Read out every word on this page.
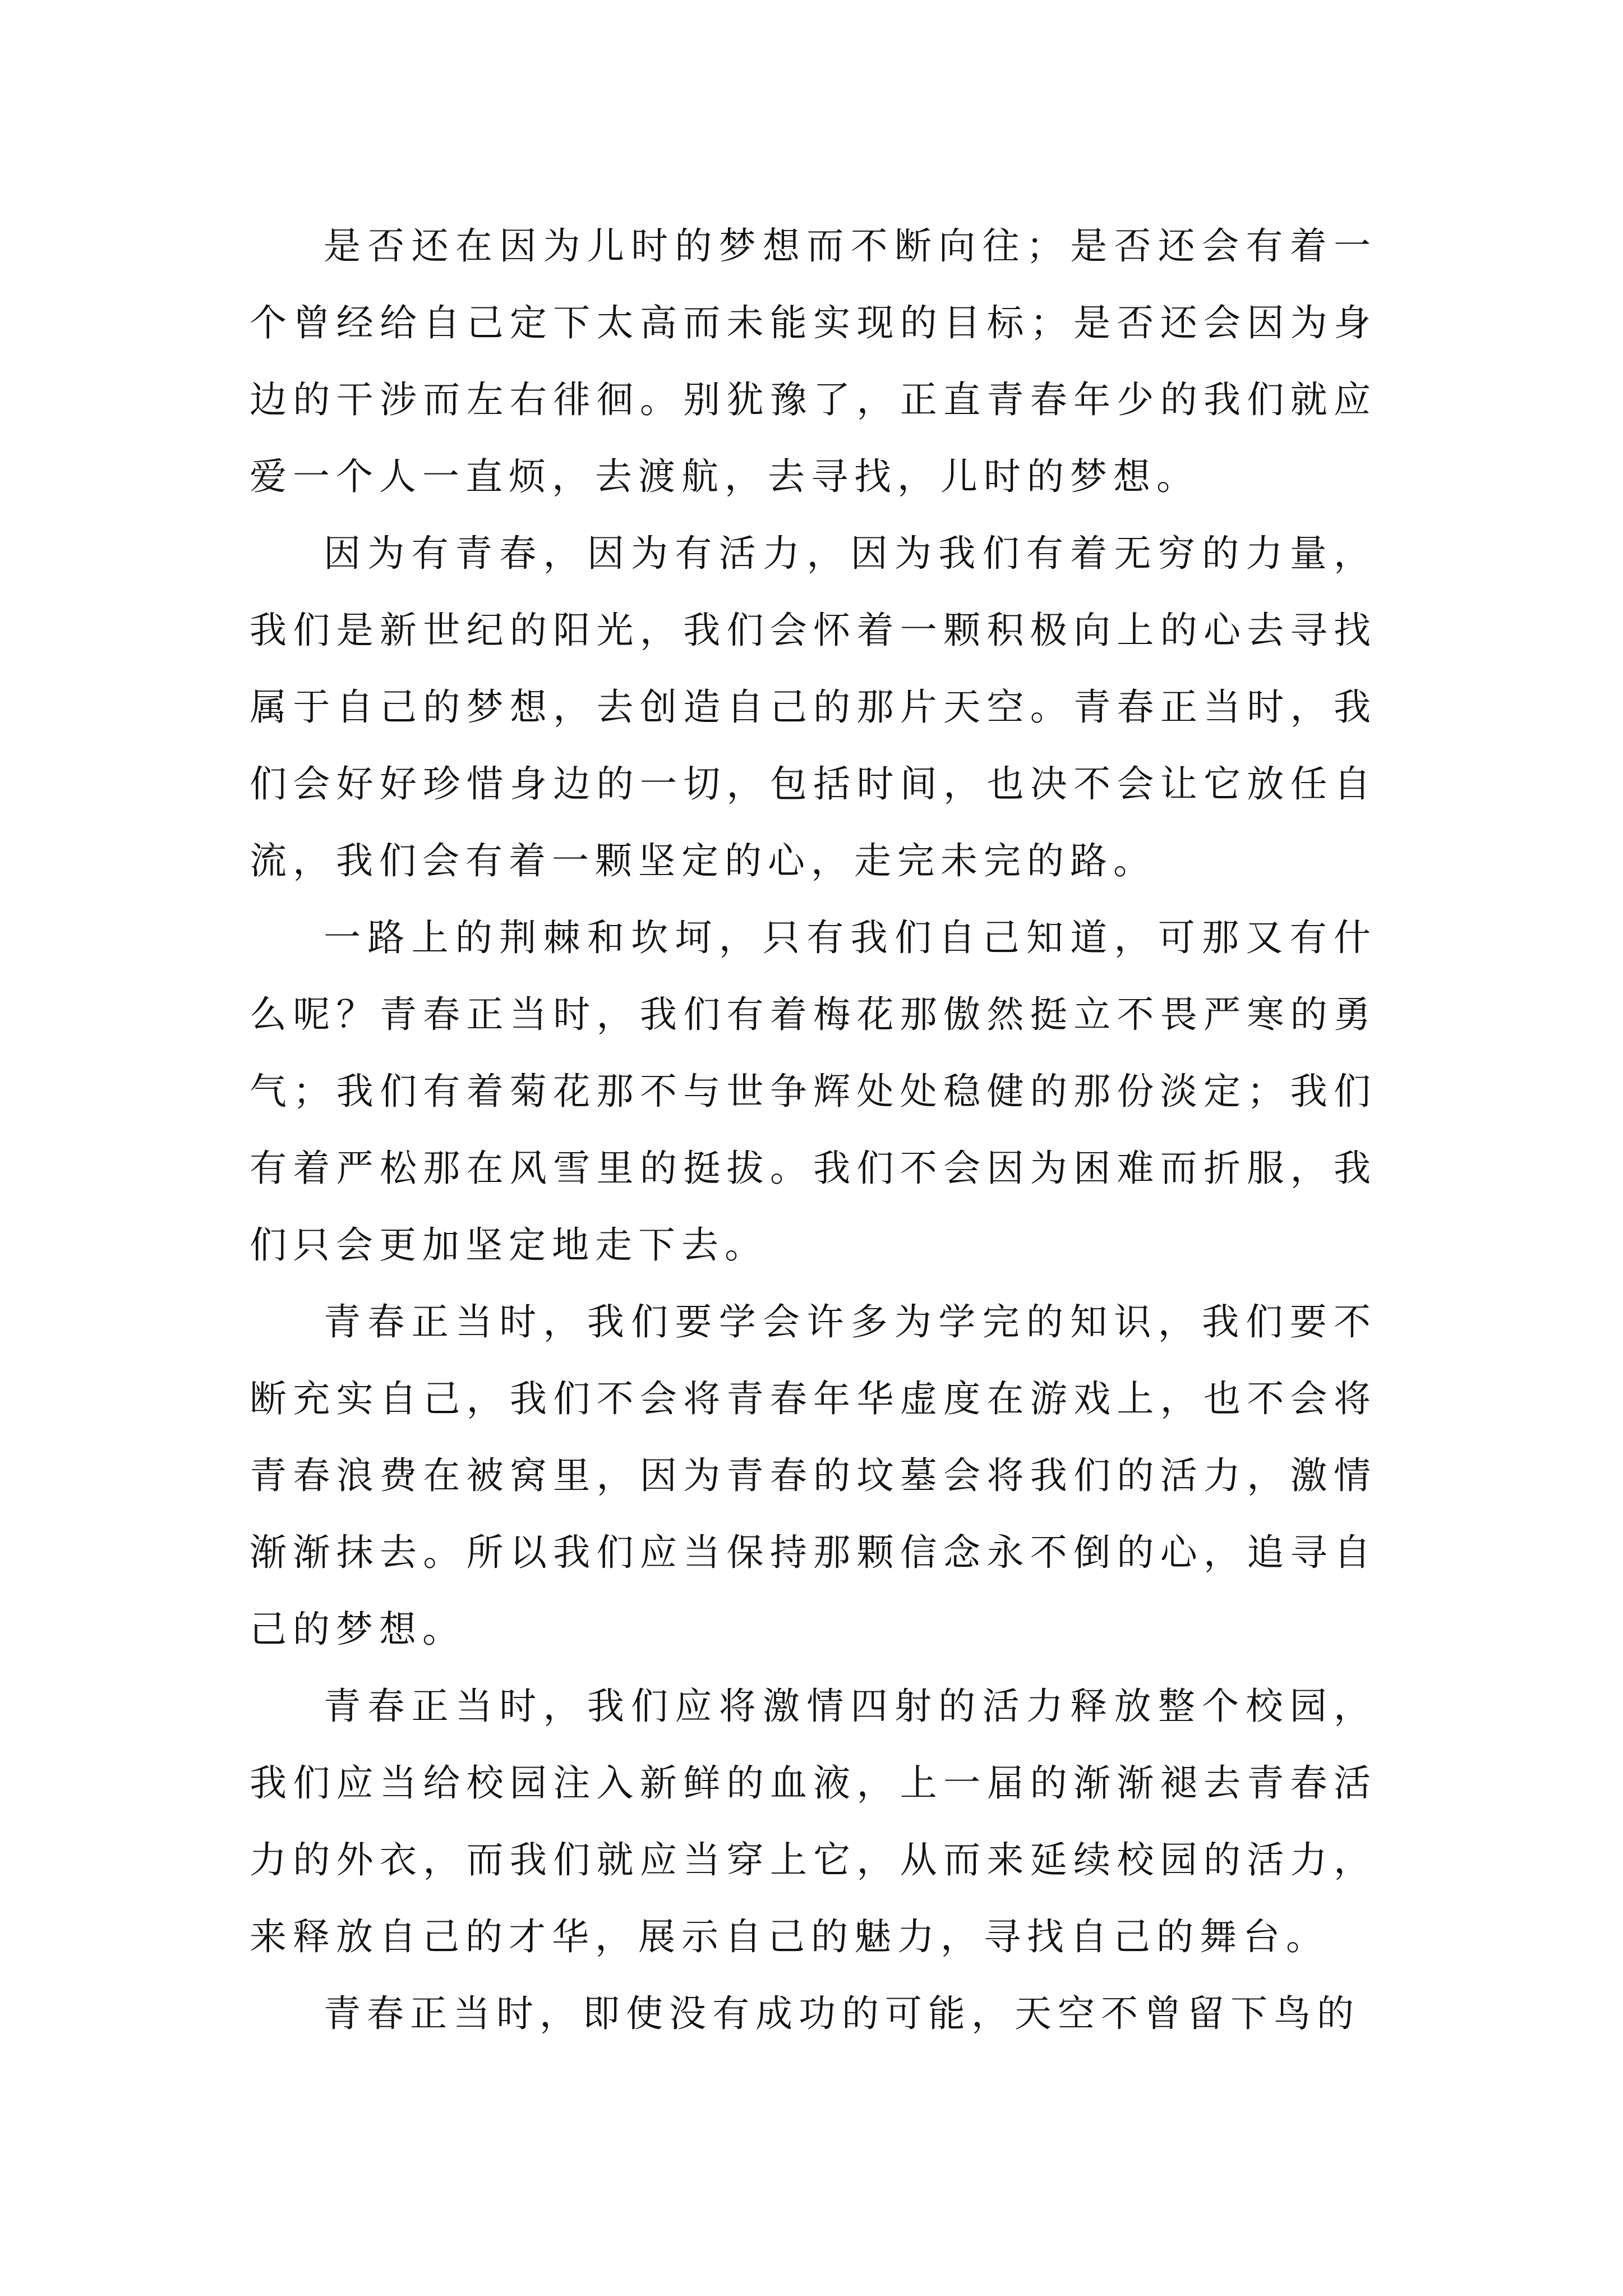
是否还在因为儿时的梦想而不断向往；是否还会有着一个曾经给自己定下太高而未能实现的目标；是否还会因为身边的干涉而左右徘徊。别犹豫了，正直青春年少的我们就应爱一个人一直烦，去渡航，去寻找，儿时的梦想。

因为有青春，因为有活力，因为我们有着无穷的力量，我们是新世纪的阳光，我们会怀着一颗积极向上的心去寻找属于自己的梦想，去创造自己的那片天空。青春正当时，我们会好好珍惜身边的一切，包括时间，也决不会让它放任自流，我们会有着一颗坚定的心，走完未完的路。

一路上的荆棘和坎坷，只有我们自己知道，可那又有什么呢？青春正当时，我们有着梅花那傲然挺立不畏严寒的勇气；我们有着菊花那不与世争辉处处稳健的那份淡定；我们有着严松那在风雪里的挺拔。我们不会因为困难而折服，我们只会更加坚定地走下去。

青春正当时，我们要学会许多为学完的知识，我们要不断充实自己，我们不会将青春年华虚度在游戏上，也不会将青春浪费在被窝里，因为青春的坟墓会将我们的活力，激情渐渐抹去。所以我们应当保持那颗信念永不倒的心，追寻自己的梦想。

青春正当时，我们应将激情四射的活力释放整个校园，我们应当给校园注入新鲜的血液，上一届的渐渐褪去青春活力的外衣，而我们就应当穿上它，从而来延续校园的活力，来释放自己的才华，展示自己的魅力，寻找自己的舞台。

青春正当时，即使没有成功的可能，天空不曾留下鸟的
